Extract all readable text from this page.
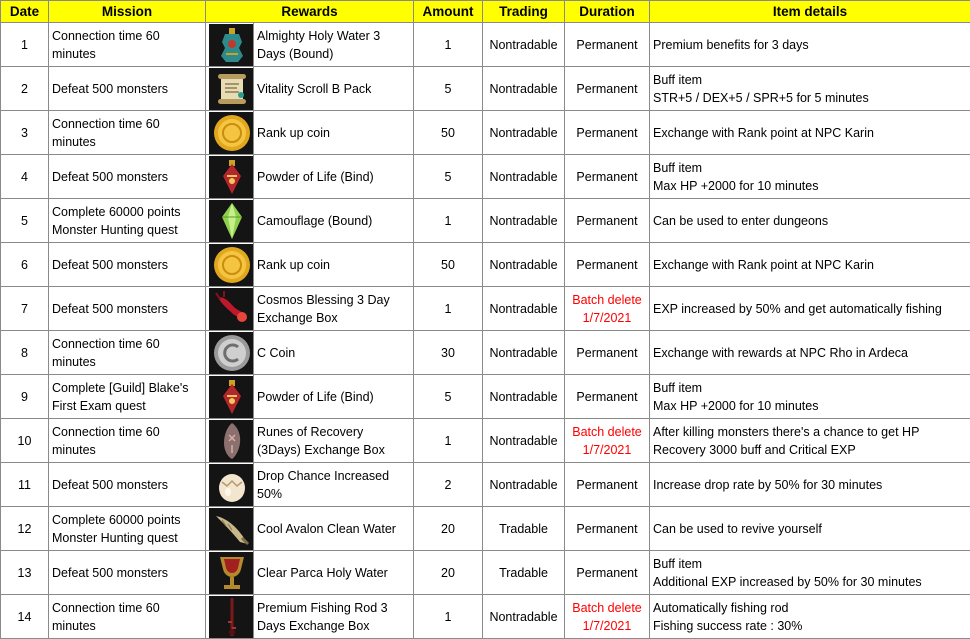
Date	Mission	Rewards		Amount	Trading	Duration	Item details
1	Connection time 60 minutes		Almighty Holy Water 3 Days (Bound)	1	Nontradable	Permanent	Premium benefits for 3 days

2	Defeat 500 monsters		Vitality Scroll B Pack	5	Nontradable	Permanent	Buff item
STR+5 / DEX+5 / SPR+5 for 5 minutes

3	Connection time 60 minutes		Rank up coin	50	Nontradable	Permanent	Exchange with Rank point at NPC Karin

4	Defeat 500 monsters		Powder of Life (Bind)	5	Nontradable	Permanent	Buff item
Max HP +2000 for 10 minutes

5	Complete 60000 points Monster Hunting quest		Camouflage (Bound)	1	Nontradable	Permanent	Can be used to enter dungeons

6	Defeat 500 monsters		Rank up coin	50	Nontradable	Permanent	Exchange with Rank point at NPC Karin

7	Defeat 500 monsters		Cosmos Blessing 3 Day Exchange Box	1	Nontradable	Batch delete
1/7/2021	EXP increased by 50% and get automatically fishing

8	Connection time 60 minutes		C Coin	30	Nontradable	Permanent	Exchange with rewards at NPC Rho in Ardeca

9	Complete [Guild] Blake's First Exam quest		Powder of Life (Bind)	5	Nontradable	Permanent	Buff item
Max HP +2000 for 10 minutes

10	Connection time 60 minutes		Runes of Recovery (3Days) Exchange Box	1	Nontradable	Batch delete
1/7/2021	After killing monsters there's a chance to get HP
Recovery 3000 buff and Critical EXP

11	Defeat 500 monsters		Drop Chance Increased 50%	2	Nontradable	Permanent	Increase drop rate by 50% for 30 minutes

12	Complete 60000 points Monster Hunting quest		Cool Avalon Clean Water	20	Tradable	Permanent	Can be used to revive yourself

13	Defeat 500 monsters		Clear Parca Holy Water	20	Tradable	Permanent	Buff item
Additional EXP increased by 50% for 30 minutes

14	Connection time 60 minutes		Premium Fishing Rod 3 Days Exchange Box	1	Nontradable	Batch delete
1/7/2021	Automatically fishing rod
Fishing success rate : 30%
